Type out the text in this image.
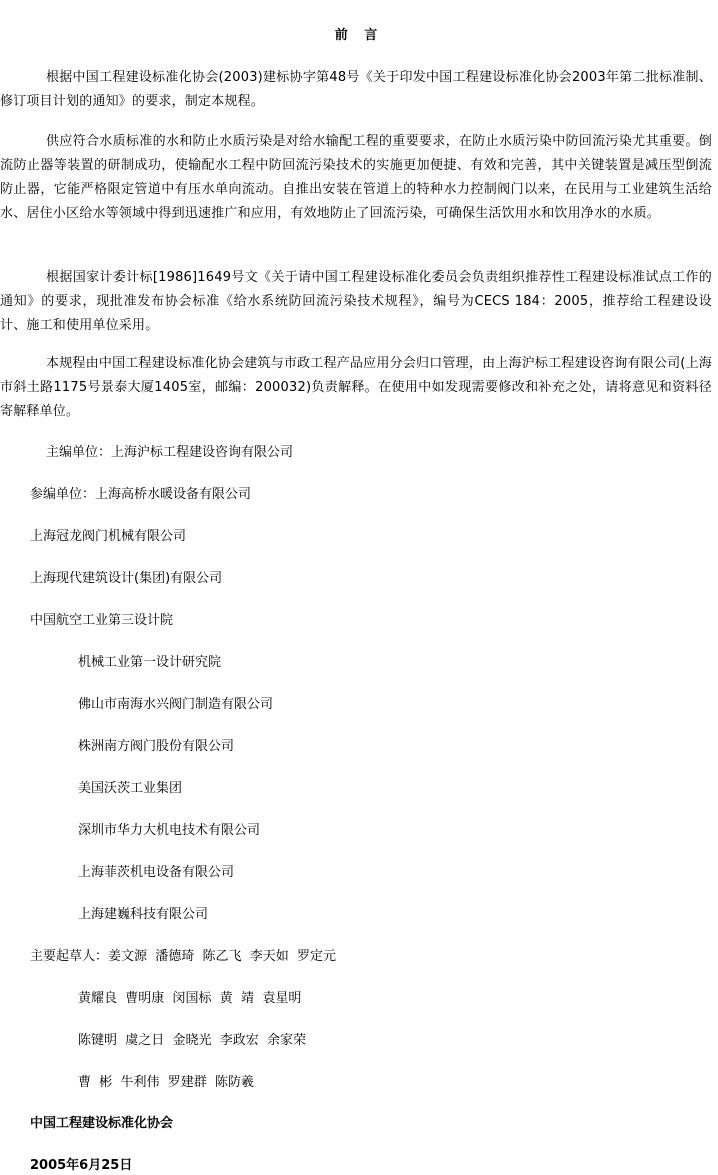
前 言
根据中国工程建设标准化协会(2003)建标协字第48号《关于印发中国工程建设标准化协会2003年第二批标准制、修订项目计划的通知》的要求，制定本规程。
供应符合水质标准的水和防止水质污染是对给水输配工程的重要要求，在防止水质污染中防回流污染尤其重要。倒流防止器等装置的研制成功，使输配水工程中防回流污染技术的实施更加便捷、有效和完善，其中关键装置是减压型倒流防止器，它能严格限定管道中有压水单向流动。自推出安装在管道上的特种水力控制阀门以来，在民用与工业建筑生活给水、居住小区给水等领域中得到迅速推广和应用，有效地防止了回流污染，可确保生活饮用水和饮用净水的水质。
根据国家计委计标[1986]1649号文《关于请中国工程建设标准化委员会负责组织推荐性工程建设标准试点工作的通知》的要求，现批准发布协会标准《给水系统防回流污染技术规程》，编号为CECS 184：2005，推荐给工程建设设计、施工和使用单位采用。
本规程由中国工程建设标准化协会建筑与市政工程产品应用分会归口管理，由上海沪标工程建设咨询有限公司(上海市斜土路1175号景泰大厦1405室，邮编：200032)负责解释。在使用中如发现需要修改和补充之处，请将意见和资料径寄解释单位。
主编单位：上海沪标工程建设咨询有限公司
参编单位：上海高桥水暖设备有限公司
上海冠龙阀门机械有限公司
上海现代建筑设计(集团)有限公司
中国航空工业第三设计院
机械工业第一设计研究院
佛山市南海水兴阀门制造有限公司
株洲南方阀门股份有限公司
美国沃茨工业集团
深圳市华力大机电技术有限公司
上海菲茨机电设备有限公司
上海建巍科技有限公司
主要起草人：姜文源  潘德琦  陈乙飞  李天如  罗定元
黄耀良  曹明康  闵国标  黄  靖  袁星明
陈键明  虞之日  金晓光  李政宏  余家荣
曹  彬  牛利伟  罗建群  陈防羲
中国工程建设标准化协会
2005年6月25日
